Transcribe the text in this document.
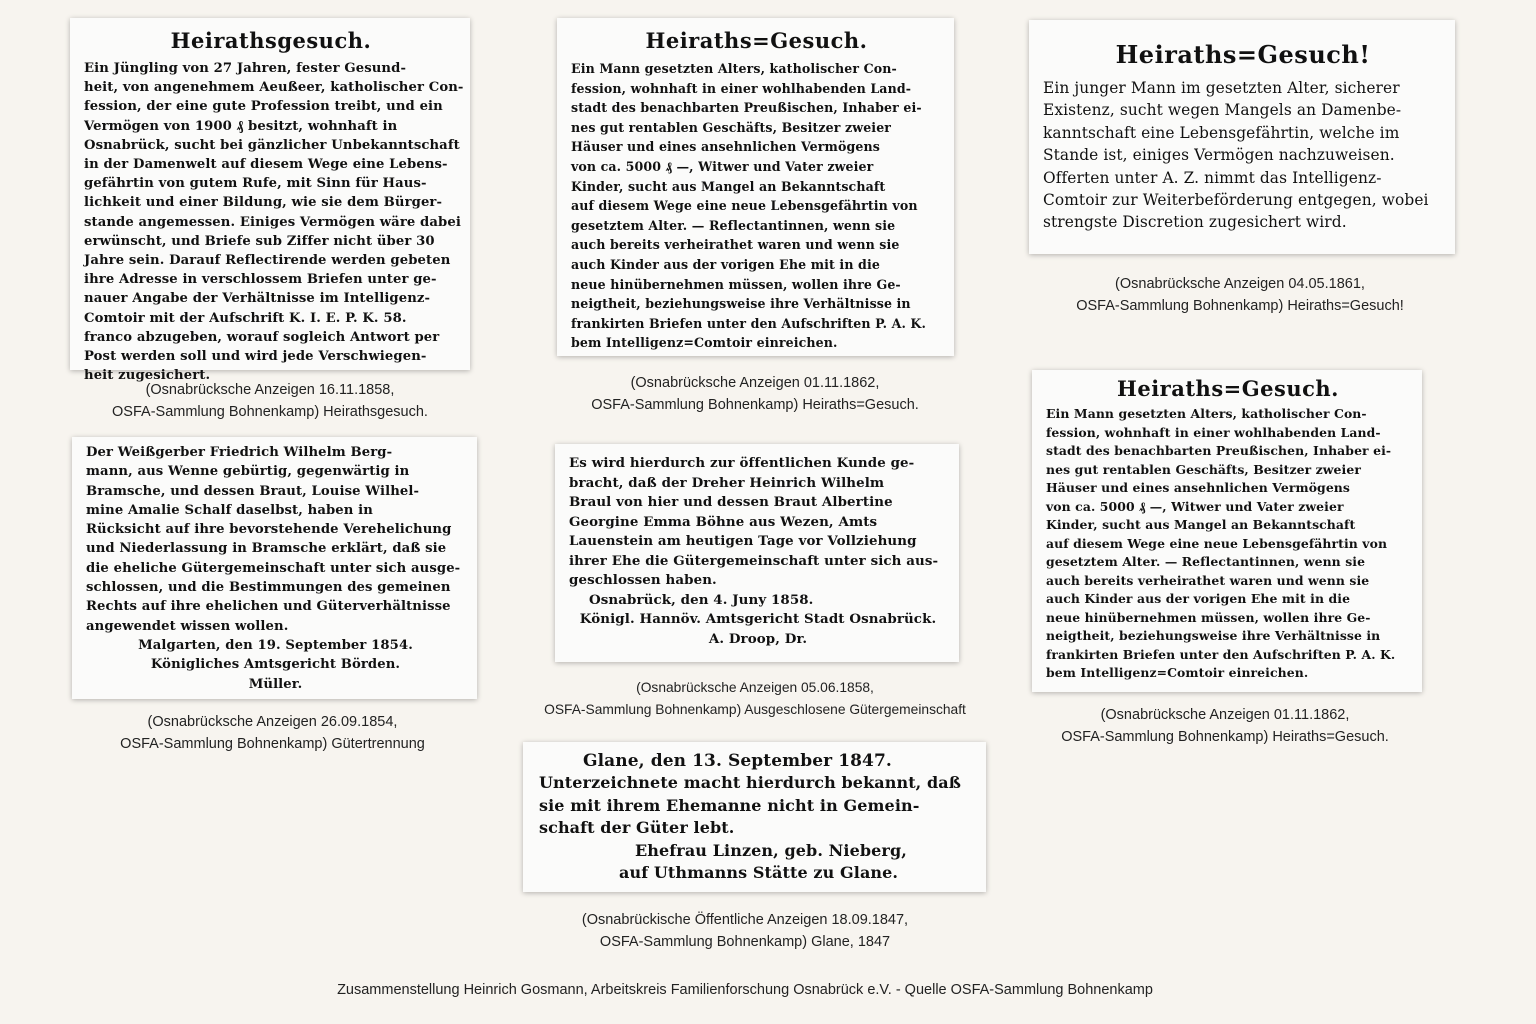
Heirathsgesuch.
Ein Jüngling von 27 Jahren, fester Gesund-
heit, von angenehmem Aeußeer, katholischer Con-
fession, der eine gute Profession treibt, und ein
Vermögen von 1900 ₰ besitzt, wohnhaft in
Osnabrück, sucht bei gänzlicher Unbekanntschaft
in der Damenwelt auf diesem Wege eine Lebens-
gefährtin von gutem Rufe, mit Sinn für Haus-
lichkeit und einer Bildung, wie sie dem Bürger-
stande angemessen. Einiges Vermögen wäre dabei
erwünscht, und Briefe sub Ziffer nicht über 30
Jahre sein. Darauf Reflectirende werden gebeten
ihre Adresse in verschlossem Briefen unter ge-
nauer Angabe der Verhältnisse im Intelligenz-
Comtoir mit der Aufschrift K. I. E. P. K. 58.
franco abzugeben, worauf sogleich Antwort per
Post werden soll und wird jede Verschwiegen-
heit zugesichert.
(Osnabrücksche Anzeigen 16.11.1858,
OSFA-Sammlung Bohnenkamp) Heirathsgesuch.
Heiraths=Gesuch.
Ein Mann gesetzten Alters, katholischer Con-
fession, wohnhaft in einer wohlhabenden Land-
stadt des benachbarten Preußischen, Inhaber ei-
nes gut rentablen Geschäfts, Besitzer zweier
Häuser und eines ansehnlichen Vermögens
von ca. 5000 ₰ —, Witwer und Vater zweier
Kinder, sucht aus Mangel an Bekanntschaft
auf diesem Wege eine neue Lebensgefährtin von
gesetztem Alter. — Reflectantinnen, wenn sie
auch bereits verheirathet waren und wenn sie
auch Kinder aus der vorigen Ehe mit in die
neue hinübernehmen müssen, wollen ihre Ge-
neigtheit, beziehungsweise ihre Verhältnisse in
frankirten Briefen unter den Aufschriften P. A. K.
bem Intelligenz=Comtoir einreichen.
(Osnabrücksche Anzeigen 01.11.1862,
OSFA-Sammlung Bohnenkamp) Heiraths=Gesuch.
Heiraths=Gesuch!
Ein junger Mann im gesetzten Alter, sicherer
Existenz, sucht wegen Mangels an Damenbe-
kanntschaft eine Lebensgefährtin, welche im
Stande ist, einiges Vermögen nachzuweisen.
Offerten unter A. Z. nimmt das Intelligenz-
Comtoir zur Weiterbeförderung entgegen, wobei
strengste Discretion zugesichert wird.
(Osnabrücksche Anzeigen 04.05.1861,
OSFA-Sammlung Bohnenkamp) Heiraths=Gesuch!
Der Weißgerber Friedrich Wilhelm Berg-
mann, aus Wenne gebürtig, gegenwärtig in
Bramsche, und dessen Braut, Louise Wilhel-
mine Amalie Schalf daselbst, haben in
Rücksicht auf ihre bevorstehende Verehelichung
und Niederlassung in Bramsche erklärt, daß sie
die eheliche Gütergemeinschaft unter sich ausge-
schlossen, und die Bestimmungen des gemeinen
Rechts auf ihre ehelichen und Güterverhältnisse
angewendet wissen wollen.
Malgarten, den 19. September 1854.
Königliches Amtsgericht Börden.
Müller.
(Osnabrücksche Anzeigen 26.09.1854,
OSFA-Sammlung Bohnenkamp) Gütertrennung
Es wird hierdurch zur öffentlichen Kunde ge-
bracht, daß der Dreher Heinrich Wilhelm
Braul von hier und dessen Braut Albertine
Georgine Emma Böhne aus Wezen, Amts
Lauenstein am heutigen Tage vor Vollziehung
ihrer Ehe die Gütergemeinschaft unter sich aus-
geschlossen haben.
Osnabrück, den 4. Juny 1858.
Königl. Hannöv. Amtsgericht Stadt Osnabrück.
A. Droop, Dr.
(Osnabrücksche Anzeigen 05.06.1858,
OSFA-Sammlung Bohnenkamp) Ausgeschlosene Gütergemeinschaft
Heiraths=Gesuch.
Ein Mann gesetzten Alters, katholischer Con-
fession, wohnhaft in einer wohlhabenden Land-
stadt des benachbarten Preußischen, Inhaber ei-
nes gut rentablen Geschäfts, Besitzer zweier
Häuser und eines ansehnlichen Vermögens
von ca. 5000 ₰ —, Witwer und Vater zweier
Kinder, sucht aus Mangel an Bekanntschaft
auf diesem Wege eine neue Lebensgefährtin von
gesetztem Alter. — Reflectantinnen, wenn sie
auch bereits verheirathet waren und wenn sie
auch Kinder aus der vorigen Ehe mit in die
neue hinübernehmen müssen, wollen ihre Ge-
neigtheit, beziehungsweise ihre Verhältnisse in
frankirten Briefen unter den Aufschriften P. A. K.
bem Intelligenz=Comtoir einreichen.
(Osnabrücksche Anzeigen 01.11.1862,
OSFA-Sammlung Bohnenkamp) Heiraths=Gesuch.
Glane, den 13. September 1847.
Unterzeichnete macht hierdurch bekannt, daß
sie mit ihrem Ehemanne nicht in Gemein-
schaft der Güter lebt.
Ehefrau Linzen, geb. Nieberg,
auf Uthmanns Stätte zu Glane.
(Osnabrückische Öffentliche Anzeigen 18.09.1847,
OSFA-Sammlung Bohnenkamp) Glane, 1847
Zusammenstellung Heinrich Gosmann, Arbeitskreis Familienforschung Osnabrück e.V. - Quelle OSFA-Sammlung Bohnenkamp
